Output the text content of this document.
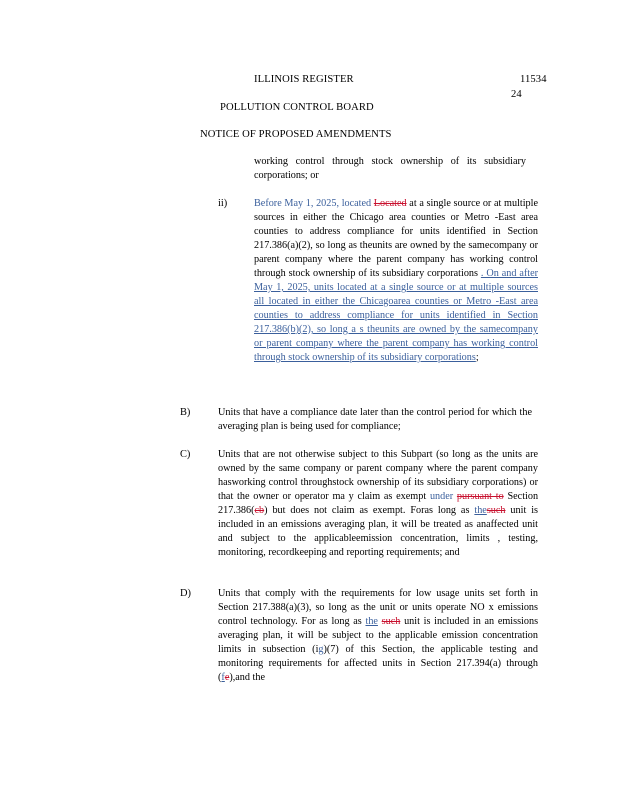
ILLINOIS REGISTER	11534
24
POLLUTION CONTROL BOARD
NOTICE OF PROPOSED AMENDMENTS

working control through stock ownership of its subsidiary corporations; or

ii)	Before May 1, 2025, located Located at a single source or at multiple sources in either the Chicago area counties or Metro -East area counties to address compliance for units identified in Section 217.386(a)(2), so long as theunits are owned by the samecompany or parent company where the parent company has working control through stock ownership of its subsidiary corporations . On and after May 1, 2025, units located at a single source or at multiple sources all located in either the Chicagoarea counties or Metro -East area counties to address compliance for units identified in Section 217.386(b)(2), so long a s theunits are owned by the samecompany or parent company where the parent company has working control through stock ownership of its subsidiary corporations;

B)	Units that have a compliance date later than the control period for which the averaging plan is being used for compliance;

C)	Units that are not otherwise subject to this Subpart (so long as the units are owned by the same company or parent company where the parent company hasworking control throughstock ownership of its subsidiary corporations) or that the owner or operator ma y claim as exempt under pursuant to Section 217.386(cb) but does not claim as exempt. Foras long as thesuch unit is included in an emissions averaging plan, it will be treated as anaffected unit and subject to the applicableemission concentration, limits , testing, monitoring, recordkeeping and reporting requirements; and

D)	Units that comply with the requirements for low usage units set forth in Section 217.388(a)(3), so long as the unit or units operate NO x emissions control technology. For as long as the such unit is included in an emissions averaging plan, it will be subject to the applicable emission concentration limits in subsection (ig)(7) of this Section, the applicable testing and monitoring requirements for affected units in Section 217.394(a) through (fe),and the
